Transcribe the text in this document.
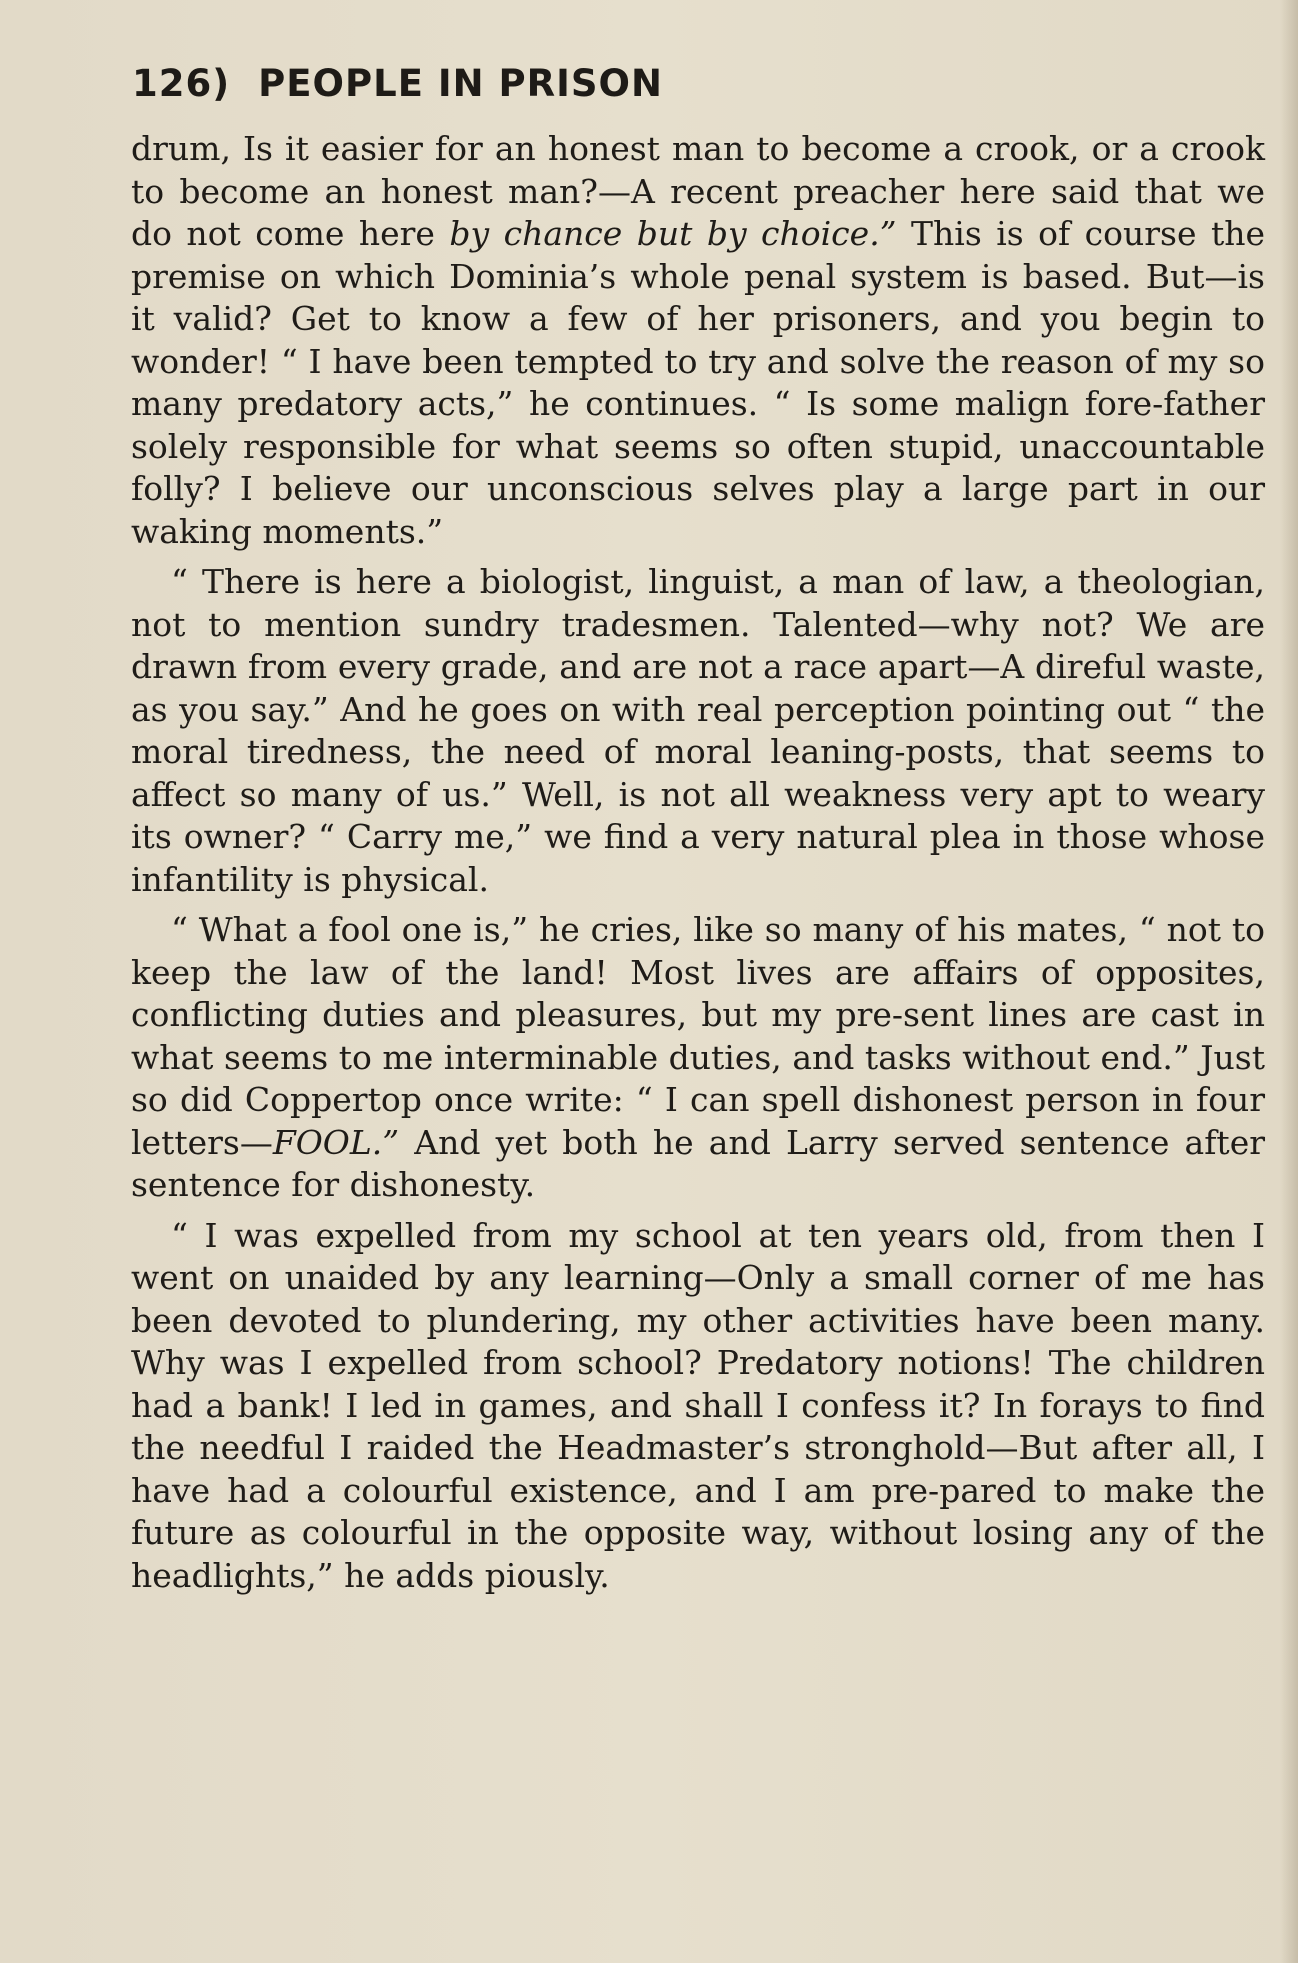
126) PEOPLE IN PRISON

drum, Is it easier for an honest man to become a crook, or a crook to become an honest man?—A recent preacher here said that we do not come here by chance but by choice.” This is of course the premise on which Dominia’s whole penal system is based. But—is it valid? Get to know a few of her prisoners, and you begin to wonder! “ I have been tempted to try and solve the reason of my so many predatory acts,” he continues. “ Is some malign fore-father solely responsible for what seems so often stupid, unaccountable folly? I believe our unconscious selves play a large part in our waking moments.”

“ There is here a biologist, linguist, a man of law, a theologian, not to mention sundry tradesmen. Talented—why not? We are drawn from every grade, and are not a race apart—A direful waste, as you say.” And he goes on with real perception pointing out “ the moral tiredness, the need of moral leaning-posts, that seems to affect so many of us.” Well, is not all weakness very apt to weary its owner? “ Carry me,” we find a very natural plea in those whose infantility is physical.

“ What a fool one is,” he cries, like so many of his mates, “ not to keep the law of the land! Most lives are affairs of opposites, conflicting duties and pleasures, but my pre-sent lines are cast in what seems to me interminable duties, and tasks without end.” Just so did Coppertop once write: “ I can spell dishonest person in four letters—FOOL.” And yet both he and Larry served sentence after sentence for dishonesty.

“ I was expelled from my school at ten years old, from then I went on unaided by any learning—Only a small corner of me has been devoted to plundering, my other activities have been many. Why was I expelled from school? Predatory notions! The children had a bank! I led in games, and shall I confess it? In forays to find the needful I raided the Headmaster’s stronghold—But after all, I have had a colourful existence, and I am pre-pared to make the future as colourful in the opposite way, without losing any of the headlights,” he adds piously.
